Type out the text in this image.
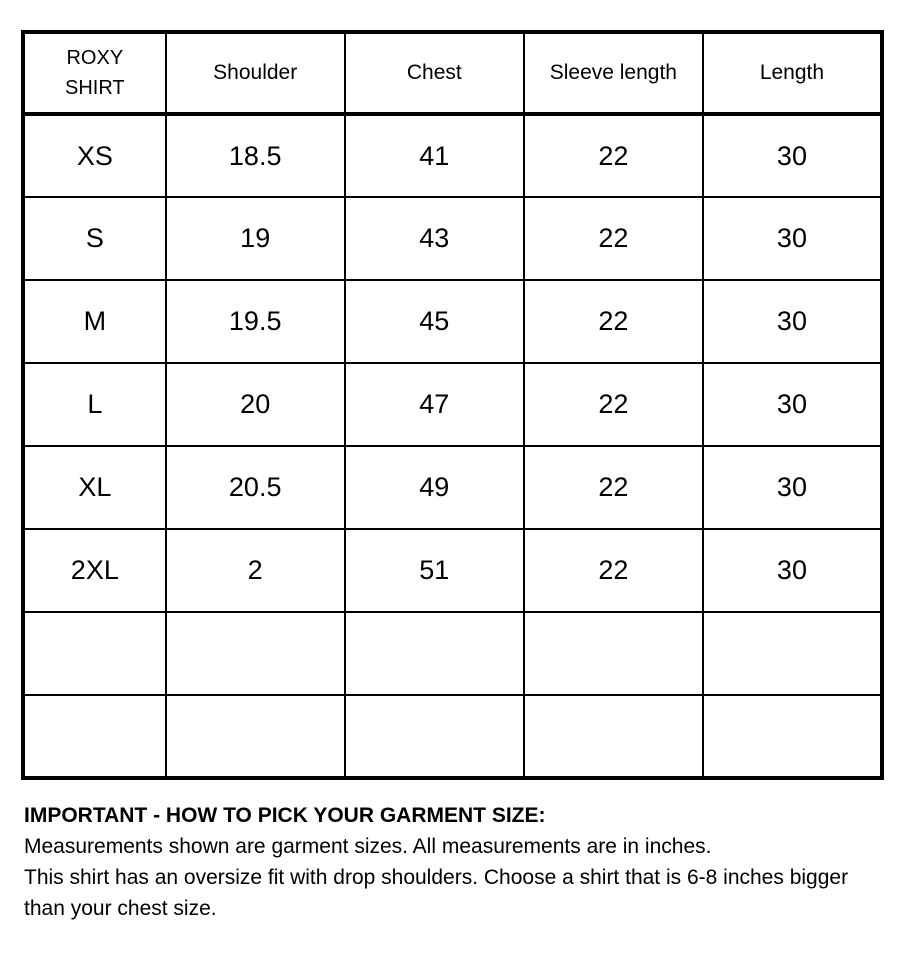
ROXY
SHIRT	Shoulder	Chest	Sleeve length	Length
XS	18.5	41	22	30
S	19	43	22	30
M	19.5	45	22	30
L	20	47	22	30
XL	20.5	49	22	30
2XL	2	51	22	30

IMPORTANT - HOW TO PICK YOUR GARMENT SIZE:

Measurements shown are garment sizes. All measurements are in inches.

This shirt has an oversize fit with drop shoulders. Choose a shirt that is 6-8 inches bigger than your chest size.
